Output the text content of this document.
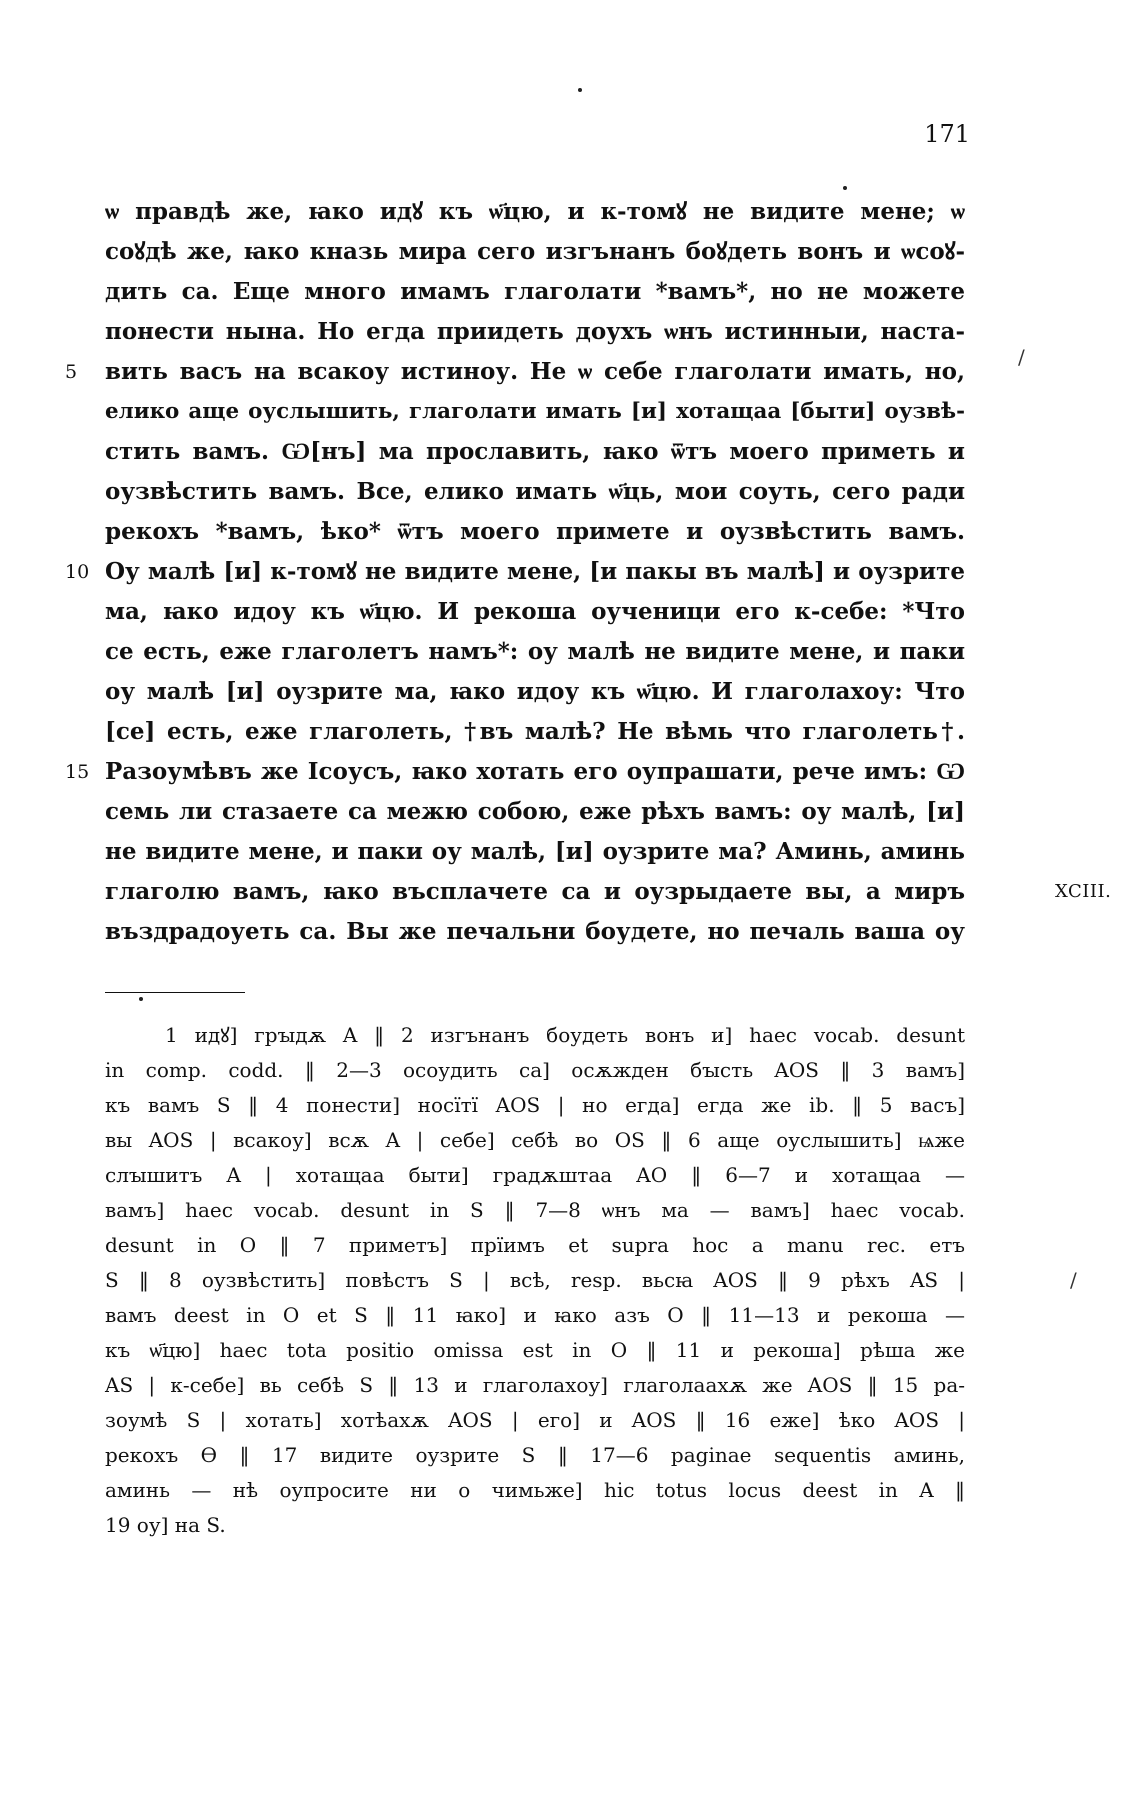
171
ѡ правдѣ же, ꙗко идꙋ къ ѡ҃цю, и к-томꙋ не видите мене; ѡ
соꙋдѣ же, ꙗко кназь мира сего изгънанъ боꙋдеть вонъ и ѡсоꙋ-
дить са. Еще много имамъ глаголати *вамъ*, но не можете
понести нына. Но егда приидеть доухъ ѡнъ истинныи, наста-
вить васъ на всакоу истиноу. Не ѡ себе глаголати имать, но,
5
елико аще оуслышить, глаголати имать [и] хотащаа [быти] оузвѣ-
стить вамъ. Ѡ[нъ] ма прославить, ꙗко ѿтъ моего приметь и
оузвѣстить вамъ. Все, елико имать ѡ҃ць, мои соуть, сего ради
рекохъ *вамъ, ѣко* ѿтъ моего примете и оузвѣстить вамъ.
Оу малѣ [и] к-томꙋ не видите мене, [и пакы въ малѣ] и оузрите
10
ма, ꙗко идоу къ ѡ҃цю. И рекоша оученици его к-себе: *Что
се есть, еже глаголетъ намъ*: оу малѣ не видите мене, и паки
оу малѣ [и] оузрите ма, ꙗко идоу къ ѡ҃цю. И глаголахоу: Что
[се] есть, еже глаголеть, †въ малѣ? Не вѣмь что глаголеть†.
Разоумѣвъ же Ісоусъ, ꙗко хотать его оупрашати, рече имъ: Ѡ
15
семь ли стазаете са межю собою, еже рѣхъ вамъ: оу малѣ, [и]
не видите мене, и паки оу малѣ, [и] оузрите ма? Аминь, аминь
глаголю вамъ, ꙗко въсплачете са и оузрыдаете вы, а миръ	XCIII.
въздрадоуеть са. Вы же печальни боудете, но печаль ваша оу
1 идꙋ] грꙑдѫ A ‖ 2 изгънанъ боудеть вонъ и] haec vocab. desunt
in comp. codd. ‖ 2—3 осоудить са] осѫжден бꙑсть AOS ‖ 3 вамъ]
къ вамъ S ‖ 4 понести] носїтї AOS | но егда] егда же ib. ‖ 5 васъ]
вы AOS | всакоу] всѫ A | себе] себѣ во OS ‖ 6 аще оуслышить] ѩже
слꙑшитъ A | хотащаа быти] градѫштаа AO ‖ 6—7 и хотащаа —
вамъ] haec vocab. desunt in S ‖ 7—8 ѡнъ ма — вамъ] haec vocab.
desunt in O ‖ 7 приметъ] прїимъ et supra hoc a manu rec. етъ
S ‖ 8 оузвѣстить] повѣстъ S | всѣ, resp. вьсꙗ AOS ‖ 9 рѣхъ AS |
вамъ deest in O et S ‖ 11 ꙗко] и ꙗко азъ O ‖ 11—13 и рекоша —
къ ѡ҃цю] haec tota positio omissa est in O ‖ 11 и рекоша] рѣша же
AS | к-себе] вь себѣ S ‖ 13 и глаголахоу] глаголаахѫ же AOS ‖ 15 ра-
зоумѣ S | хотать] хотѣахѫ AOS | его] и AOS ‖ 16 еже] ѣко AOS |
рекохъ Ѳ ‖ 17 видите оузрите S ‖ 17—6 paginae sequentis аминь,
аминь — нѣ оупросите ни о чимьже] hic totus locus deest in A ‖
19 оу] на S.
/
/
